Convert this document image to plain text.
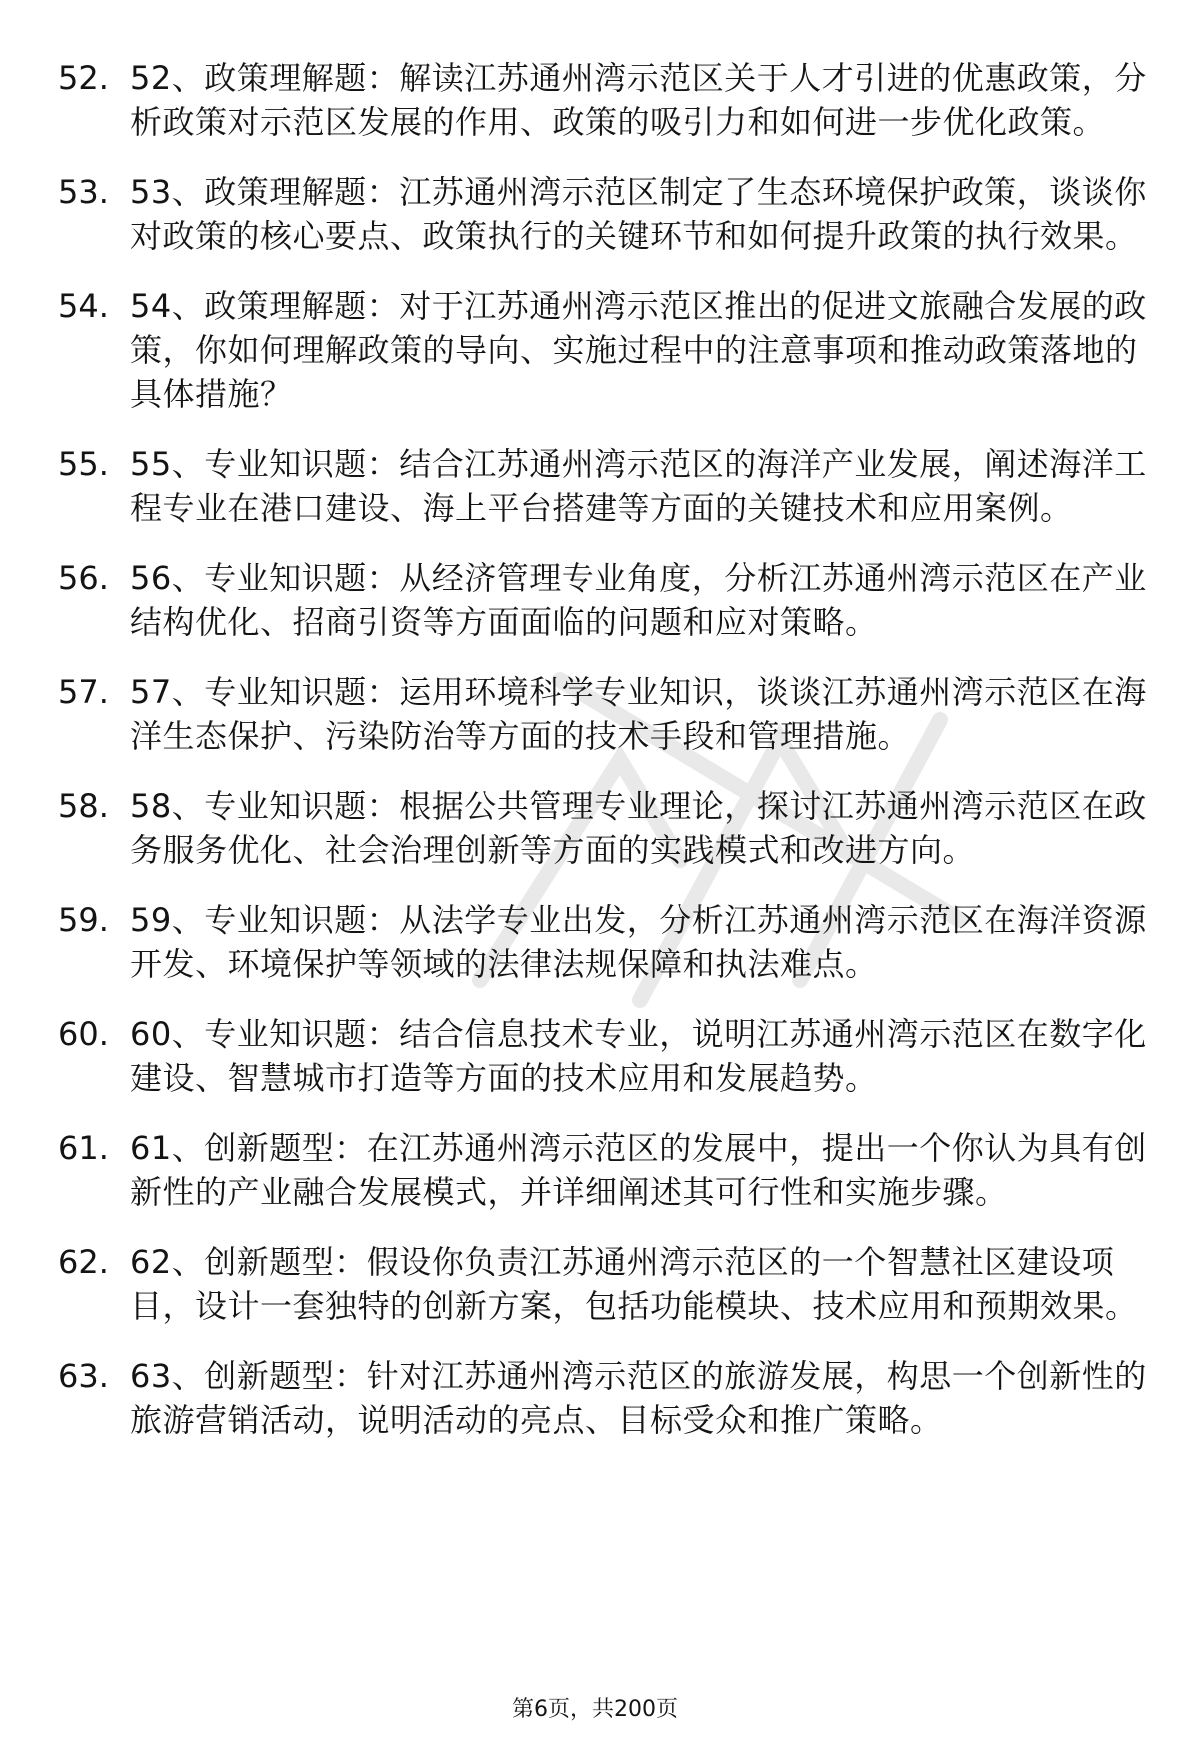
52. 52、政策理解题：解读江苏通州湾示范区关于人才引进的优惠政策，分析政策对示范区发展的作用、政策的吸引力和如何进一步优化政策。
53. 53、政策理解题：江苏通州湾示范区制定了生态环境保护政策，谈谈你对政策的核心要点、政策执行的关键环节和如何提升政策的执行效果。
54. 54、政策理解题：对于江苏通州湾示范区推出的促进文旅融合发展的政策，你如何理解政策的导向、实施过程中的注意事项和推动政策落地的具体措施？
55. 55、专业知识题：结合江苏通州湾示范区的海洋产业发展，阐述海洋工程专业在港口建设、海上平台搭建等方面的关键技术和应用案例。
56. 56、专业知识题：从经济管理专业角度，分析江苏通州湾示范区在产业结构优化、招商引资等方面面临的问题和应对策略。
57. 57、专业知识题：运用环境科学专业知识，谈谈江苏通州湾示范区在海洋生态保护、污染防治等方面的技术手段和管理措施。
58. 58、专业知识题：根据公共管理专业理论，探讨江苏通州湾示范区在政务服务优化、社会治理创新等方面的实践模式和改进方向。
59. 59、专业知识题：从法学专业出发，分析江苏通州湾示范区在海洋资源开发、环境保护等领域的法律法规保障和执法难点。
60. 60、专业知识题：结合信息技术专业，说明江苏通州湾示范区在数字化建设、智慧城市打造等方面的技术应用和发展趋势。
61. 61、创新题型：在江苏通州湾示范区的发展中，提出一个你认为具有创新性的产业融合发展模式，并详细阐述其可行性和实施步骤。
62. 62、创新题型：假设你负责江苏通州湾示范区的一个智慧社区建设项目，设计一套独特的创新方案，包括功能模块、技术应用和预期效果。
63. 63、创新题型：针对江苏通州湾示范区的旅游发展，构思一个创新性的旅游营销活动，说明活动的亮点、目标受众和推广策略。
第6页，共200页
